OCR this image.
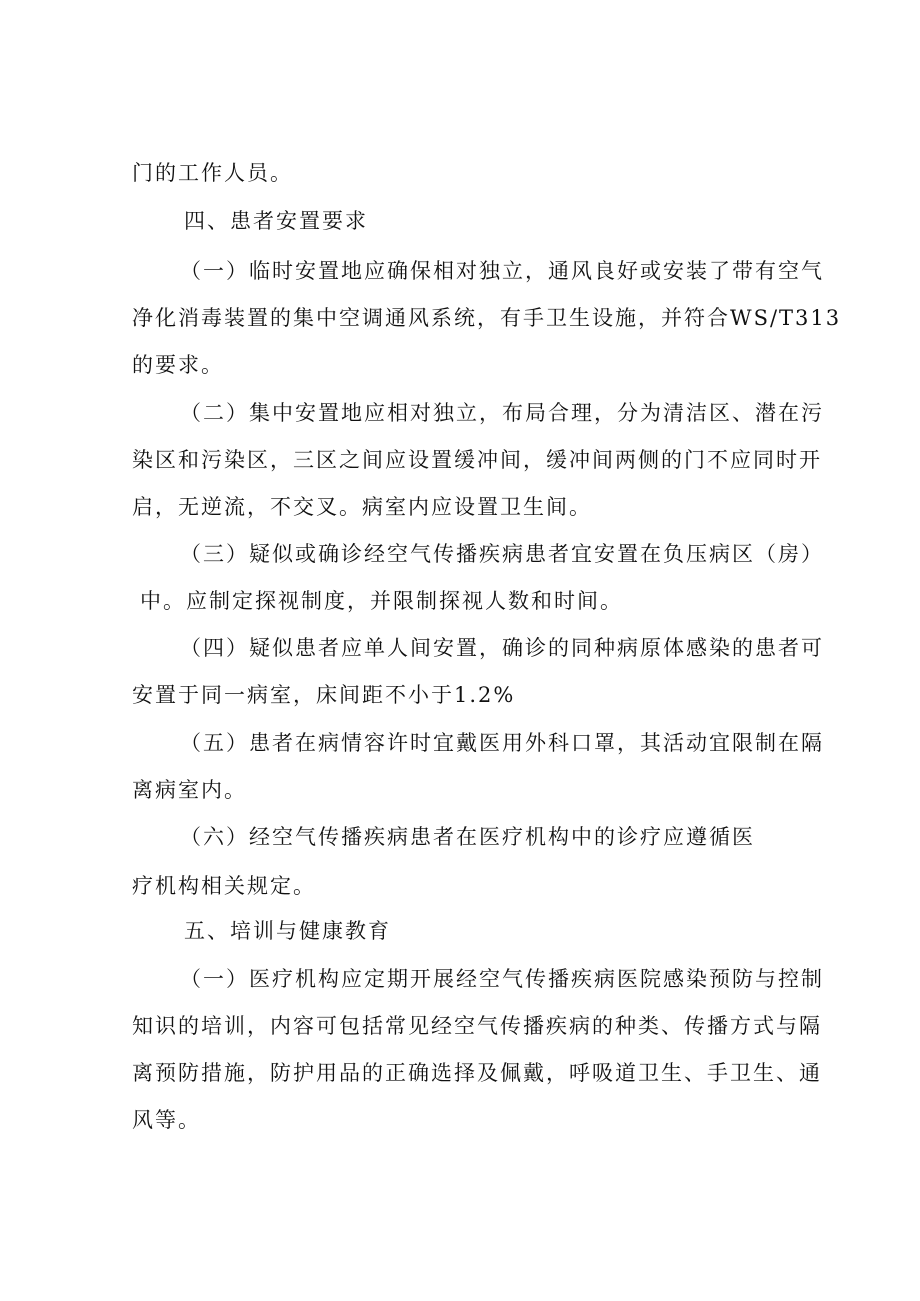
门的工作人员。

四、患者安置要求

（一）临时安置地应确保相对独立，通风良好或安装了带有空气

净化消毒装置的集中空调通风系统，有手卫生设施，并符合WS/T313

的要求。

（二）集中安置地应相对独立，布局合理，分为清洁区、潜在污

染区和污染区，三区之间应设置缓冲间，缓冲间两侧的门不应同时开

启，无逆流，不交叉。病室内应设置卫生间。

（三）疑似或确诊经空气传播疾病患者宜安置在负压病区（房）

中。应制定探视制度，并限制探视人数和时间。

（四）疑似患者应单人间安置，确诊的同种病原体感染的患者可

安置于同一病室，床间距不小于1.2%

（五）患者在病情容许时宜戴医用外科口罩，其活动宜限制在隔

离病室内。

（六）经空气传播疾病患者在医疗机构中的诊疗应遵循医

疗机构相关规定。

五、培训与健康教育

（一）医疗机构应定期开展经空气传播疾病医院感染预防与控制

知识的培训，内容可包括常见经空气传播疾病的种类、传播方式与隔

离预防措施，防护用品的正确选择及佩戴，呼吸道卫生、手卫生、通

风等。
